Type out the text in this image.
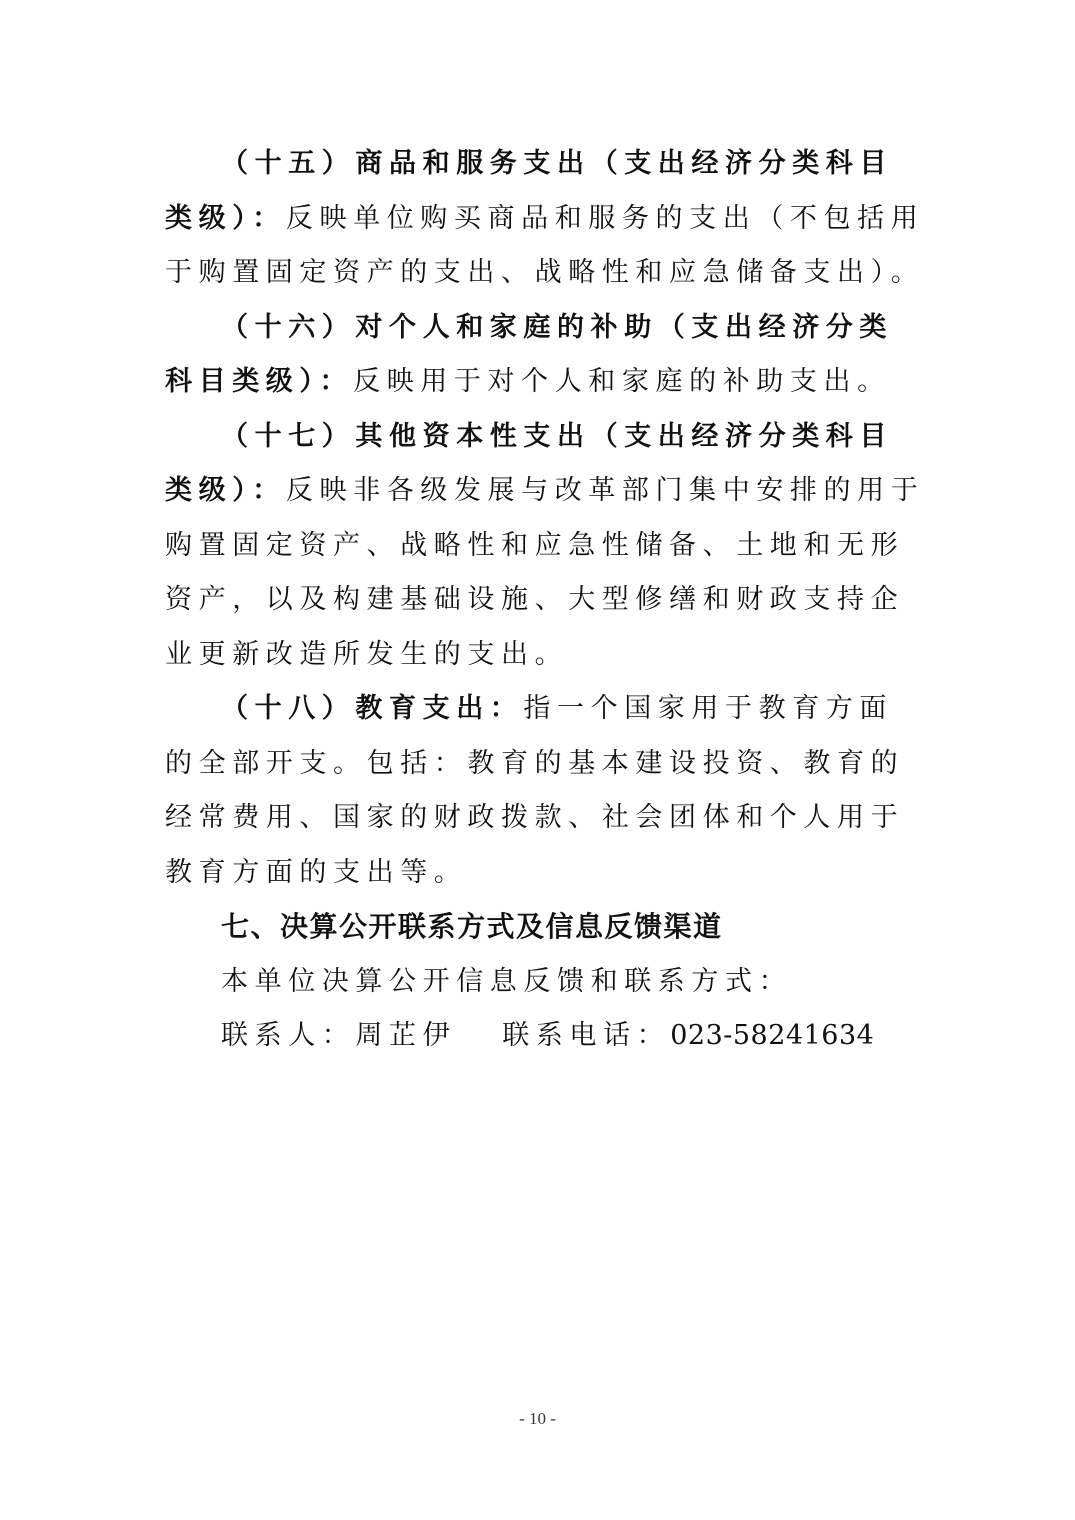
（十五）商品和服务支出（支出经济分类科目类级）：反映单位购买商品和服务的支出（不包括用于购置固定资产的支出、战略性和应急储备支出）。

（十六）对个人和家庭的补助（支出经济分类科目类级）：反映用于对个人和家庭的补助支出。

（十七）其他资本性支出（支出经济分类科目类级）：反映非各级发展与改革部门集中安排的用于购置固定资产、战略性和应急性储备、土地和无形资产，以及构建基础设施、大型修缮和财政支持企业更新改造所发生的支出。

（十八）教育支出：指一个国家用于教育方面的全部开支。包括：教育的基本建设投资、教育的经常费用、国家的财政拨款、社会团体和个人用于教育方面的支出等。

七、决算公开联系方式及信息反馈渠道

本单位决算公开信息反馈和联系方式：

联系人：周芷伊 联系电话：023-58241634

- 10 -
